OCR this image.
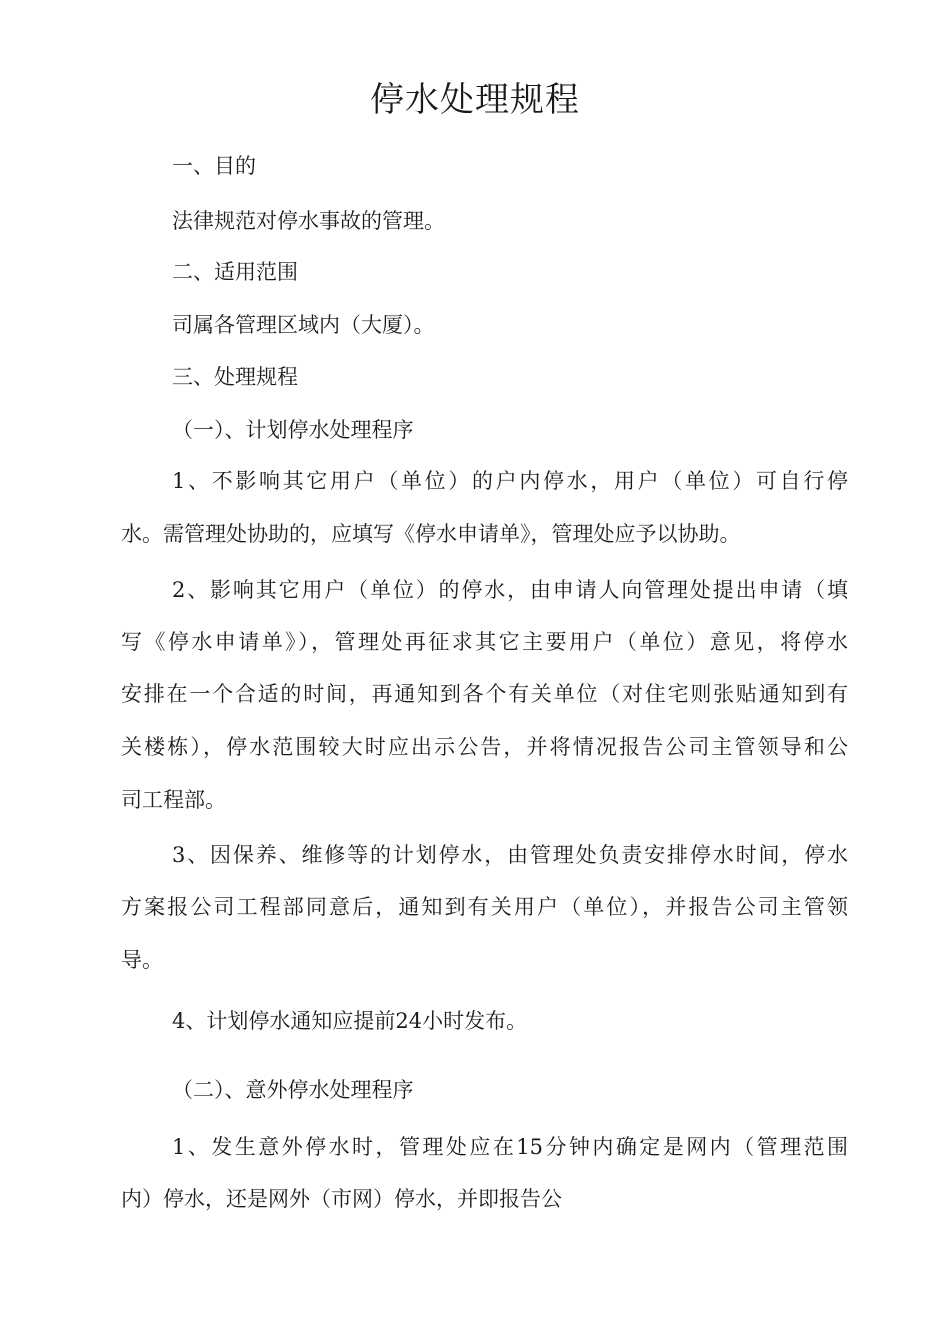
停水处理规程
一、目的
法律规范对停水事故的管理。
二、适用范围
司属各管理区域内（大厦）。
三、处理规程
（一）、计划停水处理程序
1、不影响其它用户（单位）的户内停水，用户（单位）可自行停
水。需管理处协助的，应填写《停水申请单》，管理处应予以协助。
2、影响其它用户（单位）的停水，由申请人向管理处提出申请（填
写《停水申请单》），管理处再征求其它主要用户（单位）意见，将停水
安排在一个合适的时间，再通知到各个有关单位（对住宅则张贴通知到有
关楼栋），停水范围较大时应出示公告，并将情况报告公司主管领导和公
司工程部。
3、因保养、维修等的计划停水，由管理处负责安排停水时间，停水
方案报公司工程部同意后，通知到有关用户（单位），并报告公司主管领
导。
4、计划停水通知应提前24小时发布。
（二）、意外停水处理程序
1、发生意外停水时，管理处应在15分钟内确定是网内（管理范围
内）停水，还是网外（市网）停水，并即报告公
